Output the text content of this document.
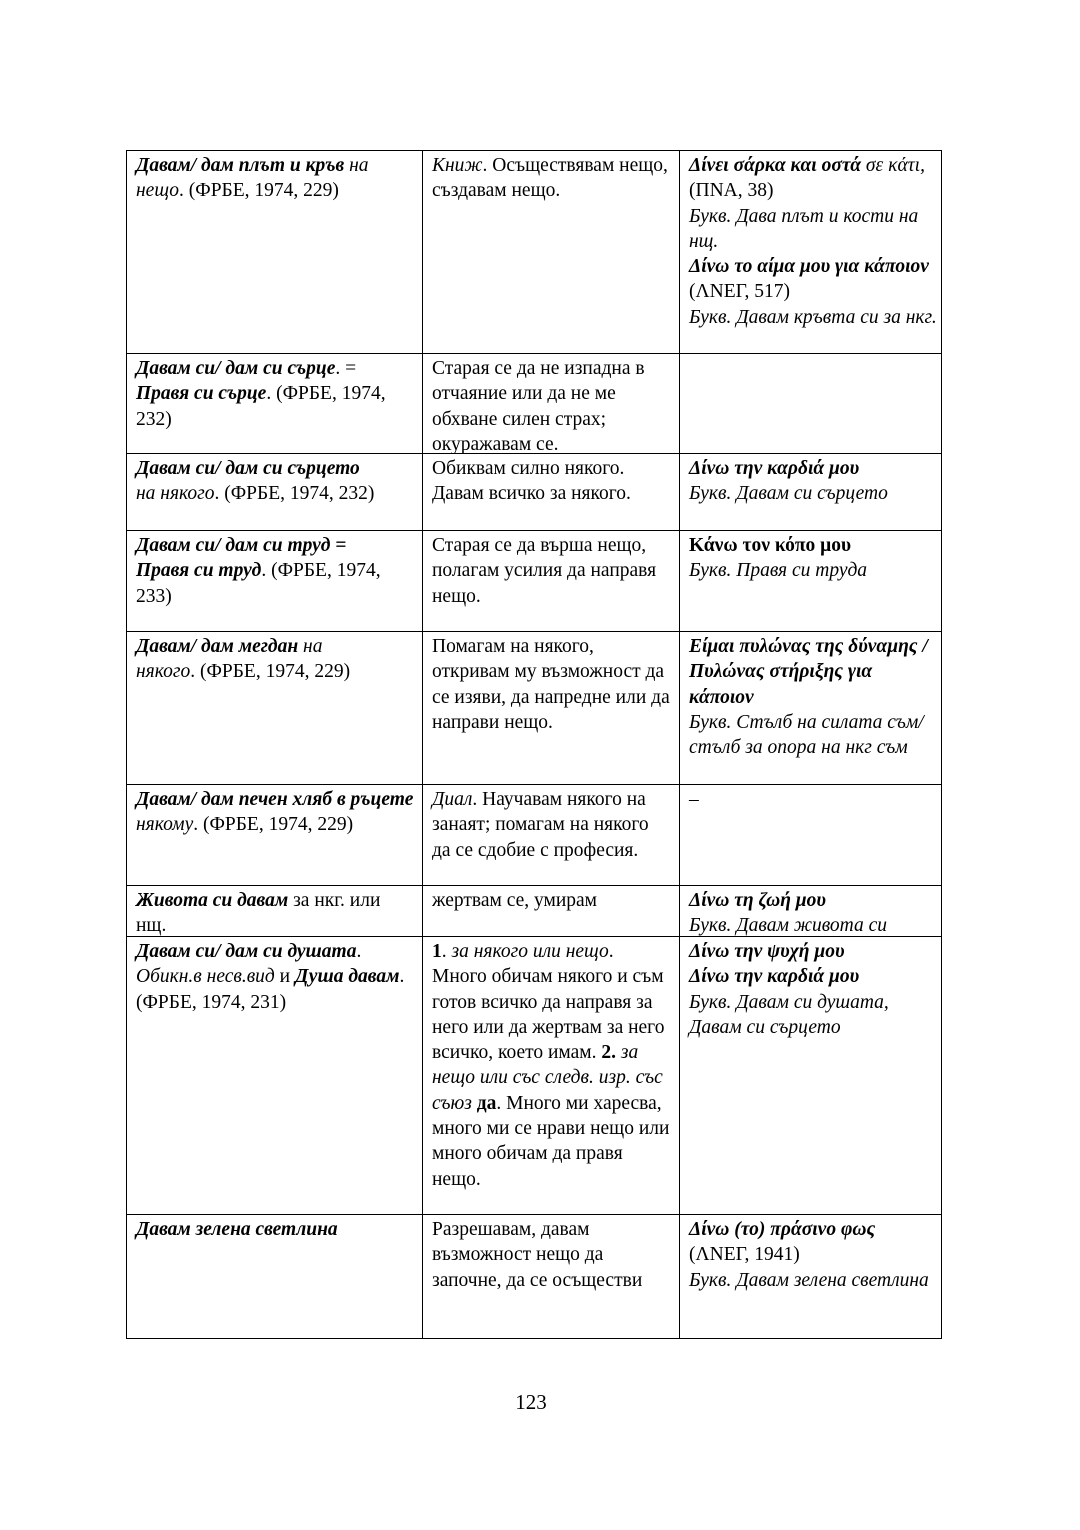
Давам/ дам плът и кръв на нещо. (ФРБЕ, 1974, 229)
Книж. Осъществявам нещо, създавам нещо.
Δίνει σάρκα και οστά σε κάτι, (ΠΝΑ, 38)
Букв. Дава плът и кости на нщ.
Δίνω το αίμα μου για κάποιον (ΛΝΕΓ, 517)
Букв. Давам кръвта си за нкг.
Давам си/ дам си сърце. = Правя си сърце. (ФРБЕ, 1974, 232)
Старая се да не изпадна в отчаяние или да не ме обхване силен страх; окуражавам се.
Давам си/ дам си сърцето
на някого. (ФРБЕ, 1974, 232)
Обиквам силно някого. Давам всичко за някого.
Δίνω την καρδιά μου
Букв. Давам си сърцето
Давам си/ дам си труд =
Правя си труд. (ФРБЕ, 1974, 233)
Старая се да върша нещо, полагам усилия да направя нещо.
Κάνω τον κόπο μου
Букв. Правя си труда
Давам/ дам мегдан на
някого. (ФРБЕ, 1974, 229)
Помагам на някого, откривам му възможност да се изяви, да напредне или да направи нещо.
Είμαι πυλώνας της δύναμης / Πυλώνας στήριξης για κάποιον
Букв. Стълб на силата съм/ стълб за опора на нкг съм
Давам/ дам печен хляб в ръцете някому. (ФРБЕ, 1974, 229)
Диал. Научавам някого на занаят; помагам на някого да се сдобие с професия.
–
Живота си давам за нкг. или нщ.
жертвам се, умирам	Δίνω τη ζωή μου
Букв. Давам живота си
Давам си/ дам си душата.
Обикн.в несв.вид и Душа давам. (ФРБЕ, 1974, 231)
1. за някого или нещо. Много обичам някого и съм готов всичко да направя за него или да жертвам за него всичко, което имам. 2. за нещо или със следв. изр. със съюз да. Много ми харесва, много ми се нрави нещо или много обичам да правя нещо.
Δίνω την ψυχή μου
Δίνω την καρδιά μου
Букв. Давам си душата, Давам си сърцето
Давам зелена светлина	Разрешавам, давам възможност нещо да започне, да се осъществи
Δίνω (το) πράσινο φως
(ΛΝΕΓ, 1941)
Букв. Давам зелена светлина
123
